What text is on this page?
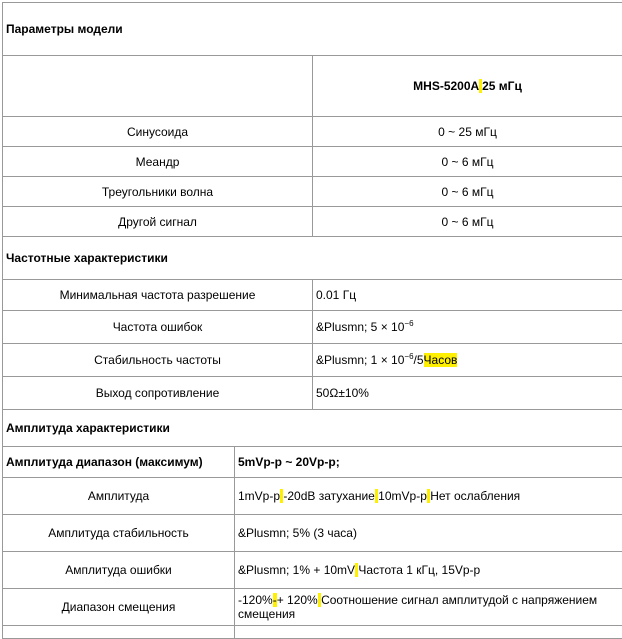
Параметры модели		
		MHS-5200A 25 мГц
Синусоида		0 ~ 25 мГц
Меандр		0 ~ 6 мГц
Треугольники волна		0 ~ 6 мГц
Другой сигнал		0 ~ 6 мГц
Частотные характеристики		
Минимальная частота разрешение		0.01 Гц
Частота ошибок		&Plusmn; $5 \times 10^{-6}$
Стабильность частоты		&Plusmn; $1 \times 10^{-6}/5Часов$
Выход сопротивление		50Ω±10%
Амплитуда характеристики		
Амплитуда диапазон (максимум)	5mVp-p ~ 20Vp-p;	
Амплитуда	1mVp-p -20dB затухание 10mVp-p Нет ослабления	
Амплитуда стабильность	&Plusmn; 5% (3 часа)	
Амплитуда ошибки	&Plusmn; 1% + 10mV Частота 1 кГц, 15Vp-p	
Диапазон смещения	-120%-+ 120% Соотношение сигнал амплитудой с напряжением смещения	
